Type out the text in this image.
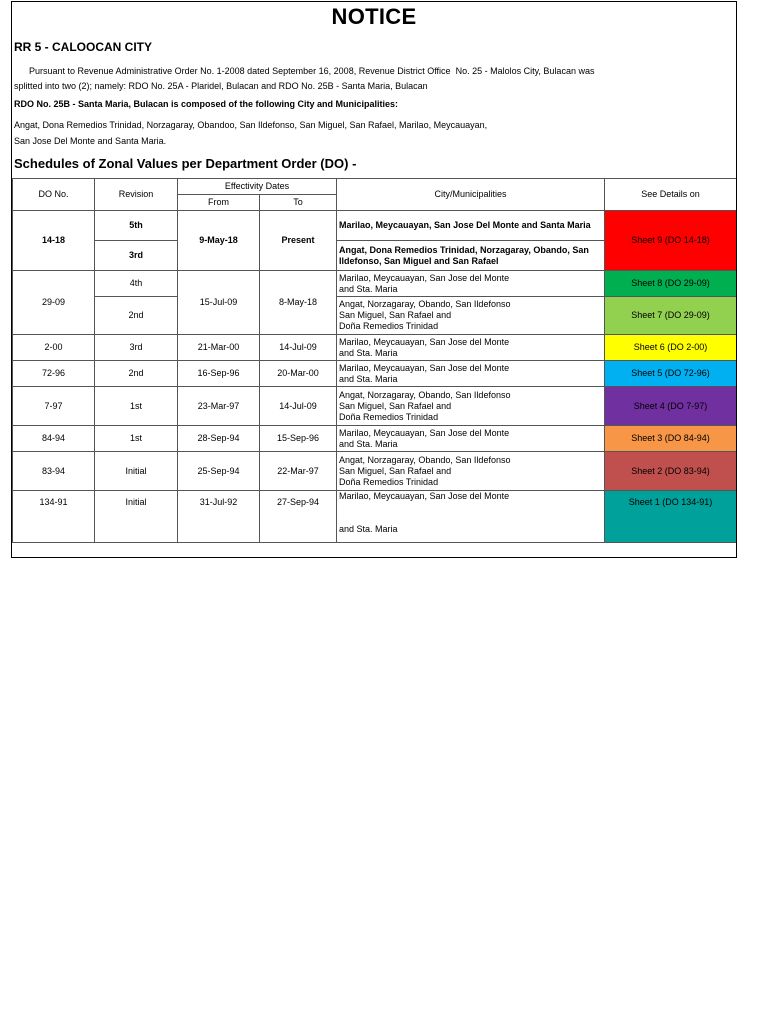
NOTICE
RR 5 - CALOOCAN CITY
Pursuant to Revenue Administrative Order No. 1-2008 dated September 16, 2008, Revenue District Office  No. 25 - Malolos City, Bulacan was
splitted into two (2); namely: RDO No. 25A - Plaridel, Bulacan and RDO No. 25B - Santa Maria, Bulacan
RDO No. 25B - Santa Maria, Bulacan is composed of the following City and Municipalities:
Angat, Dona Remedios Trinidad, Norzagaray, Obandoo, San Ildefonso, San Miguel, San Rafael, Marilao, Meycauayan,
San Jose Del Monte and Santa Maria.
Schedules of Zonal Values per Department Order (DO) -
DO No.	Revision	Effectivity Dates		City/Municipalities	See Details on
		From	To		
14-18	5th	9-May-18	Present	Marilao, Meycauayan, San Jose Del Monte and Santa Maria	Sheet 9 (DO 14-18)
	3rd			Angat, Dona Remedios Trinidad, Norzagaray, Obando, San Ildefonso, San Miguel and San Rafael	
29-09	4th	15-Jul-09	8-May-18	Marilao, Meycauayan, San Jose del Monte
and Sta. Maria	Sheet 8 (DO 29-09)
	2nd			Angat, Norzagaray, Obando, San Ildefonso
San Miguel, San Rafael and
Doña Remedios Trinidad	Sheet 7 (DO 29-09)
2-00	3rd	21-Mar-00	14-Jul-09	Marilao, Meycauayan, San Jose del Monte
and Sta. Maria	Sheet 6 (DO 2-00)
72-96	2nd	16-Sep-96	20-Mar-00	Marilao, Meycauayan, San Jose del Monte
and Sta. Maria	Sheet 5 (DO 72-96)
7-97	1st	23-Mar-97	14-Jul-09	Angat, Norzagaray, Obando, San Ildefonso
San Miguel, San Rafael and
Doña Remedios Trinidad	Sheet 4 (DO 7-97)
84-94	1st	28-Sep-94	15-Sep-96	Marilao, Meycauayan, San Jose del Monte
and Sta. Maria	Sheet 3 (DO 84-94)
83-94	Initial	25-Sep-94	22-Mar-97	Angat, Norzagaray, Obando, San Ildefonso
San Miguel, San Rafael and
Doña Remedios Trinidad	Sheet 2 (DO 83-94)
134-91	Initial	31-Jul-92	27-Sep-94	Marilao, Meycauayan, San Jose del Monte

and Sta. Maria	Sheet 1 (DO 134-91)
